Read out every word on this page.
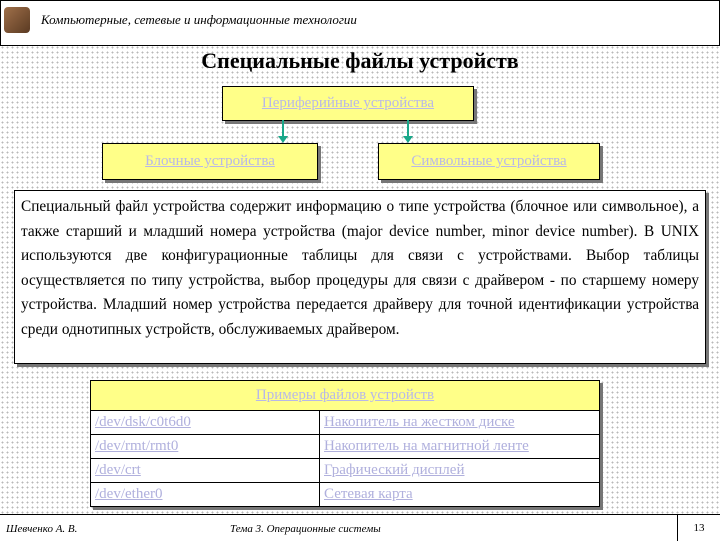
Компьютерные, сетевые и информационные технологии
Специальные файлы устройств
Периферийные устройства
Блочные устройства	Символьные устройства
Специальный файл устройства содержит информацию о типе устройства (блочное или символьное), а также старший и младший номера устройства (major device number, minor device number). В UNIX используются две конфигурационные таблицы для связи с устройствами. Выбор таблицы осуществляется по типу устройства, выбор процедуры для связи с драйвером - по старшему номеру устройства. Младший номер устройства передается драйверу для точной идентификации устройства среди однотипных устройств, обслуживаемых драйвером.
Примеры файлов устройств	
/dev/dsk/c0t6d0	Накопитель на жестком диске
/dev/rmt/rmt0	Накопитель на магнитной ленте
/dev/crt	Графический дисплей
/dev/ether0	Сетевая карта
Шевченко А. В.	Тема 3. Операционные системы	13
